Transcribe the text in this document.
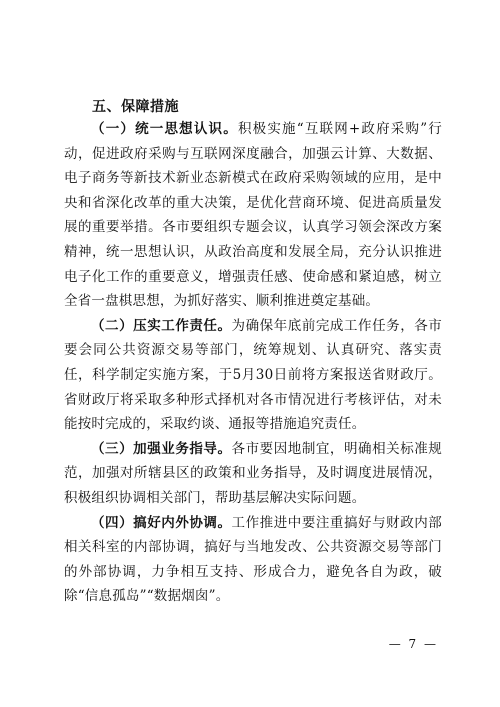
五、保障措施

（一）统一思想认识。积极实施“互联网+政府采购”行动，促进政府采购与互联网深度融合，加强云计算、大数据、电子商务等新技术新业态新模式在政府采购领域的应用，是中央和省深化改革的重大决策，是优化营商环境、促进高质量发展的重要举措。各市要组织专题会议，认真学习领会深改方案精神，统一思想认识，从政治高度和发展全局，充分认识推进电子化工作的重要意义，增强责任感、使命感和紧迫感，树立全省一盘棋思想，为抓好落实、顺利推进奠定基础。

（二）压实工作责任。为确保年底前完成工作任务，各市要会同公共资源交易等部门，统筹规划、认真研究、落实责任，科学制定实施方案，于5月30日前将方案报送省财政厅。省财政厅将采取多种形式择机对各市情况进行考核评估，对未能按时完成的，采取约谈、通报等措施追究责任。

（三）加强业务指导。各市要因地制宜，明确相关标准规范，加强对所辖县区的政策和业务指导，及时调度进展情况，积极组织协调相关部门，帮助基层解决实际问题。

（四）搞好内外协调。工作推进中要注重搞好与财政内部相关科室的内部协调，搞好与当地发改、公共资源交易等部门的外部协调，力争相互支持、形成合力，避免各自为政，破除“信息孤岛”“数据烟囱”。

— 7 —
